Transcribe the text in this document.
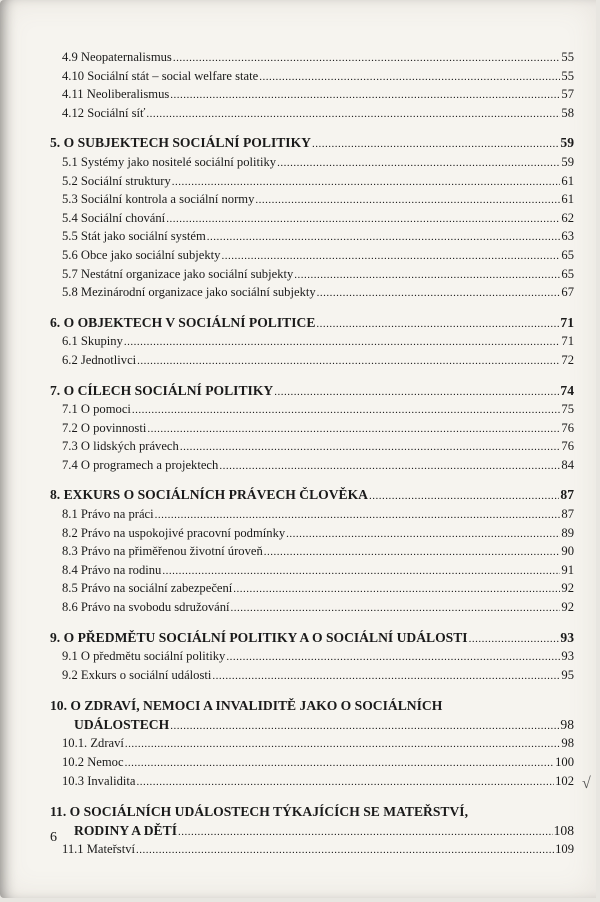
4.9 Neopaternalismus .....	55
4.10 Sociální stát – social welfare state .....	55
4.11 Neoliberalismus .....	57
4.12 Sociální síť .....	58
5. O SUBJEKTECH SOCIÁLNÍ POLITIKY .....	59
5.1 Systémy jako nositelé sociální politiky .....	59
5.2 Sociální struktury .....	61
5.3 Sociální kontrola a sociální normy .....	61
5.4 Sociální chování .....	62
5.5 Stát jako sociální systém .....	63
5.6 Obce jako sociální subjekty .....	65
5.7 Nestátní organizace jako sociální subjekty .....	65
5.8 Mezinárodní organizace jako sociální subjekty .....	67
6. O OBJEKTECH V SOCIÁLNÍ POLITICE .....	71
6.1 Skupiny .....	71
6.2 Jednotlivci .....	72
7. O CÍLECH SOCIÁLNÍ POLITIKY .....	74
7.1 O pomoci .....	75
7.2 O povinnosti .....	76
7.3 O lidských právech .....	76
7.4 O programech a projektech .....	84
8. EXKURS O SOCIÁLNÍCH PRÁVECH ČLOVĚKA .....	87
8.1 Právo na práci .....	87
8.2 Právo na uspokojivé pracovní podmínky .....	89
8.3 Právo na přiměřenou životní úroveň .....	90
8.4 Právo na rodinu .....	91
8.5 Právo na sociální zabezpečení .....	92
8.6 Právo na svobodu sdružování .....	92
9. O PŘEDMĚTU SOCIÁLNÍ POLITIKY A O SOCIÁLNÍ UDÁLOSTI .....	93
9.1 O předmětu sociální politiky .....	93
9.2 Exkurs o sociální události .....	95
10. O ZDRAVÍ, NEMOCI A INVALIDITĚ JAKO O SOCIÁLNÍCH
UDÁLOSTECH .....	98
10.1. Zdraví .....	98
10.2 Nemoc .....	100
10.3 Invalidita .....	102
11. O SOCIÁLNÍCH UDÁLOSTECH TÝKAJÍCÍCH SE MATEŘSTVÍ,
RODINY A DĚTÍ .....	108
11.1 Mateřství .....	109
6
√
